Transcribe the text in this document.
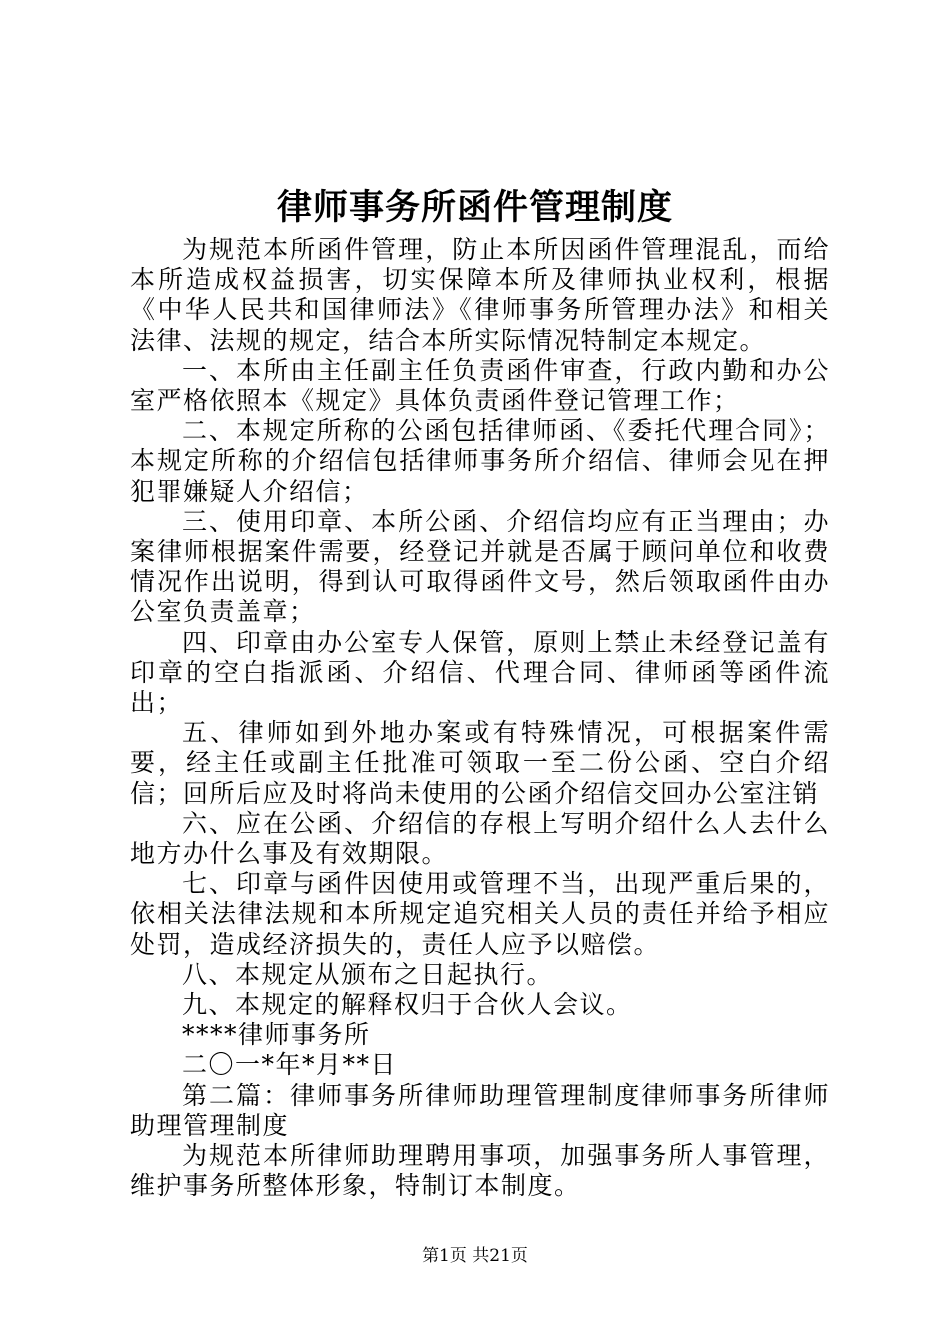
律师事务所函件管理制度

为规范本所函件管理，防止本所因函件管理混乱，而给本所造成权益损害，切实保障本所及律师执业权利，根据《中华人民共和国律师法》《律师事务所管理办法》和相关法律、法规的规定，结合本所实际情况特制定本规定。

一、本所由主任副主任负责函件审查，行政内勤和办公室严格依照本《规定》具体负责函件登记管理工作；

二、本规定所称的公函包括律师函、《委托代理合同》；本规定所称的介绍信包括律师事务所介绍信、律师会见在押犯罪嫌疑人介绍信；

三、使用印章、本所公函、介绍信均应有正当理由；办案律师根据案件需要，经登记并就是否属于顾问单位和收费情况作出说明，得到认可取得函件文号，然后领取函件由办公室负责盖章；

四、印章由办公室专人保管，原则上禁止未经登记盖有印章的空白指派函、介绍信、代理合同、律师函等函件流出；

五、律师如到外地办案或有特殊情况，可根据案件需要，经主任或副主任批准可领取一至二份公函、空白介绍信；回所后应及时将尚未使用的公函介绍信交回办公室注销

六、应在公函、介绍信的存根上写明介绍什么人去什么地方办什么事及有效期限。

七、印章与函件因使用或管理不当，出现严重后果的，依相关法律法规和本所规定追究相关人员的责任并给予相应处罚，造成经济损失的，责任人应予以赔偿。

八、本规定从颁布之日起执行。

九、本规定的解释权归于合伙人会议。

****律师事务所

二〇一*年*月**日

第二篇：律师事务所律师助理管理制度律师事务所律师助理管理制度

为规范本所律师助理聘用事项，加强事务所人事管理，维护事务所整体形象，特制订本制度。

第1页 共21页
